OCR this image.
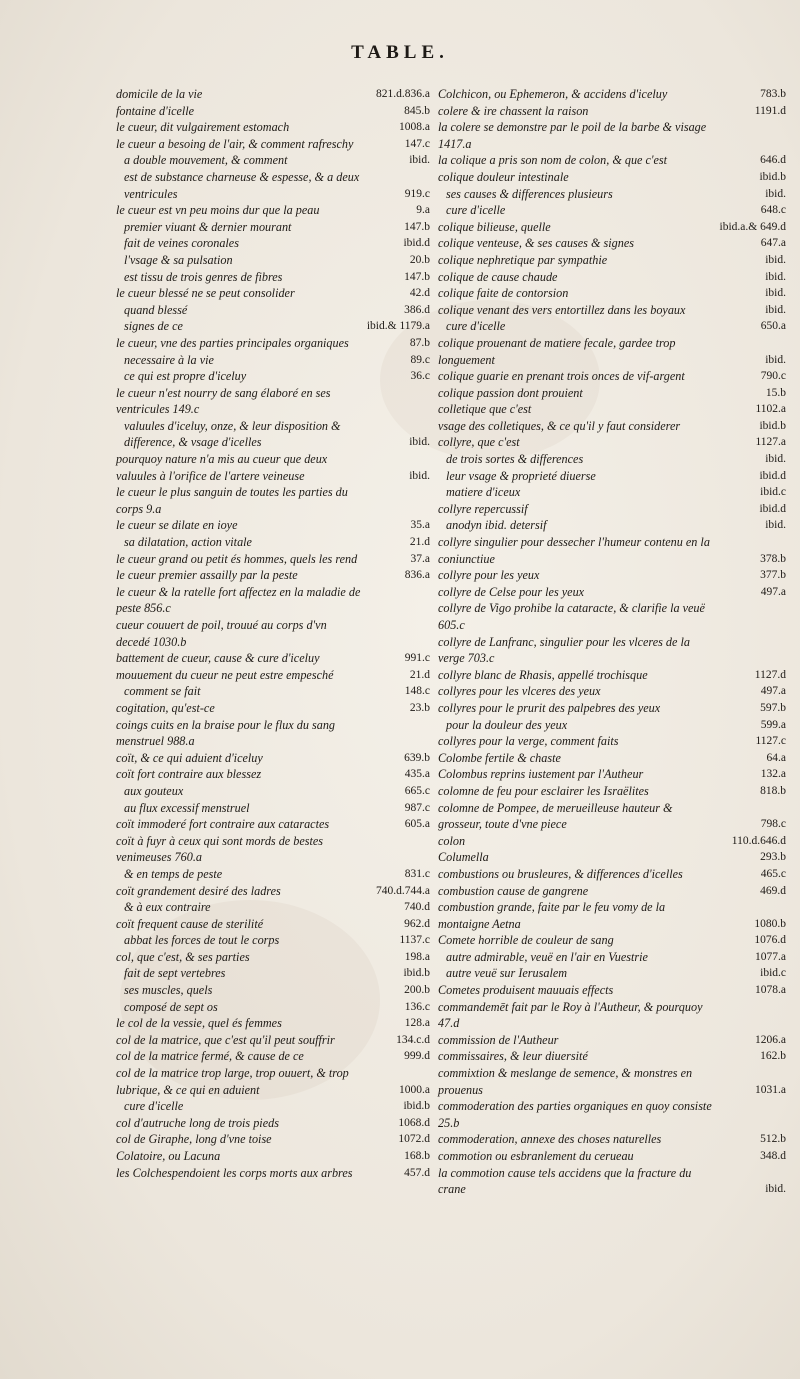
TABLE.
domicile de la vie	821.d.836.a
fontaine d'icelle	845.b
le cueur, dit vulgairement estomach	1008.a
le cueur a besoing de l'air, & comment rafreschy	147.c
a double mouvement, & comment	ibid.
est de substance charneuse & espesse, & a deux ventricules	919.c
le cueur est vn peu moins dur que la peau	9.a
premier viuant & dernier mourant	147.b
fait de veines coronales	ibid.d
l'vsage & sa pulsation	20.b
est tissu de trois genres de fibres	147.b
le cueur blessé ne se peut consolider	42.d
quand blessé	386.d
signes de ce	ibid.& 1179.a
le cueur, vne des parties principales organiques	87.b
necessaire à la vie	89.c
ce qui est propre d'iceluy	36.c
le cueur n'est nourry de sang élaboré en ses ventricules 149.c
valuules d'iceluy, onze, & leur disposition & difference, & vsage d'icelles	ibid.
pourquoy nature n'a mis au cueur que deux valuules à l'orifice de l'artere veineuse	ibid.
le cueur le plus sanguin de toutes les parties du corps 9.a
le cueur se dilate en ioye	35.a
sa dilatation, action vitale	21.d
le cueur grand ou petit és hommes, quels les rend	37.a
le cueur premier assailly par la peste	836.a
le cueur & la ratelle fort affectez en la maladie de peste 856.c
cueur couuert de poil, trouué au corps d'vn decedé 1030.b
battement de cueur, cause & cure d'iceluy	991.c
mouuement du cueur ne peut estre empesché	21.d
comment se fait	148.c
cogitation, qu'est-ce	23.b
coings cuits en la braise pour le flux du sang menstruel 988.a
coït, & ce qui aduient d'iceluy	639.b
coït fort contraire aux blessez	435.a
aux gouteux	665.c
au flux excessif menstruel	987.c
coït immoderé fort contraire aux cataractes	605.a
coït à fuyr à ceux qui sont mords de bestes venimeuses 760.a
& en temps de peste	831.c
coït grandement desiré des ladres	740.d.744.a
& à eux contraire	740.d
coït frequent cause de sterilité	962.d
abbat les forces de tout le corps	1137.c
col, que c'est, & ses parties	198.a
fait de sept vertebres	ibid.b
ses muscles, quels	200.b
composé de sept os	136.c
le col de la vessie, quel és femmes	128.a
col de la matrice, que c'est qu'il peut souffrir	134.c.d
col de la matrice fermé, & cause de ce	999.d
col de la matrice trop large, trop ouuert, & trop lubrique, & ce qui en aduient	1000.a
cure d'icelle	ibid.b
col d'autruche long de trois pieds	1068.d
col de Giraphe, long d'vne toise	1072.d
Colatoire, ou Lacuna	168.b
les Colchespendoient les corps morts aux arbres	457.d
Colchicon, ou Ephemeron, & accidens d'iceluy	783.b
colere & ire chassent la raison	1191.d
la colere se demonstre par le poil de la barbe & visage 1417.a
la colique a pris son nom de colon, & que c'est	646.d
colique douleur intestinale	ibid.b
ses causes & differences plusieurs	ibid.
cure d'icelle	648.c
colique bilieuse, quelle	ibid.a.& 649.d
colique venteuse, & ses causes & signes	647.a
colique nephretique par sympathie	ibid.
colique de cause chaude	ibid.
colique faite de contorsion	ibid.
colique venant des vers entortillez dans les boyaux	ibid.
cure d'icelle	650.a
colique prouenant de matiere fecale, gardee trop longuement	ibid.
colique guarie en prenant trois onces de vif-argent	790.c
colique passion dont prouient	15.b
colletique que c'est	1102.a
vsage des colletiques, & ce qu'il y faut considerer	ibid.b
collyre, que c'est	1127.a
de trois sortes & differences	ibid.
leur vsage & proprieté diuerse	ibid.d
matiere d'iceux	ibid.c
collyre repercussif	ibid.d
anodyn ibid. detersif	ibid.
collyre singulier pour dessecher l'humeur contenu en la coniunctiue	378.b
collyre pour les yeux	377.b
collyre de Celse pour les yeux	497.a
collyre de Vigo prohibe la cataracte, & clarifie la veuë 605.c
collyre de Lanfranc, singulier pour les vlceres de la verge 703.c
collyre blanc de Rhasis, appellé trochisque	1127.d
collyres pour les vlceres des yeux	497.a
collyres pour le prurit des palpebres des yeux	597.b
pour la douleur des yeux	599.a
collyres pour la verge, comment faits	1127.c
Colombe fertile & chaste	64.a
Colombus reprins iustement par l'Autheur	132.a
colomne de feu pour esclairer les Israëlites	818.b
colomne de Pompee, de merueilleuse hauteur & grosseur, toute d'vne piece	798.c
colon	110.d.646.d
Columella	293.b
combustions ou brusleures, & differences d'icelles	465.c
combustion cause de gangrene	469.d
combustion grande, faite par le feu vomy de la montaigne Aetna	1080.b
Comete horrible de couleur de sang	1076.d
autre admirable, veuë en l'air en Vuestrie	1077.a
autre veuë sur Ierusalem	ibid.c
Cometes produisent mauuais effects	1078.a
commandemēt fait par le Roy à l'Autheur, & pourquoy 47.d
commission de l'Autheur	1206.a
commissaires, & leur diuersité	162.b
commixtion & meslange de semence, & monstres en prouenus	1031.a
commoderation des parties organiques en quoy consiste 25.b
commoderation, annexe des choses naturelles	512.b
commotion ou esbranlement du cerueau	348.d
la commotion cause tels accidens que la fracture du crane	ibid.
